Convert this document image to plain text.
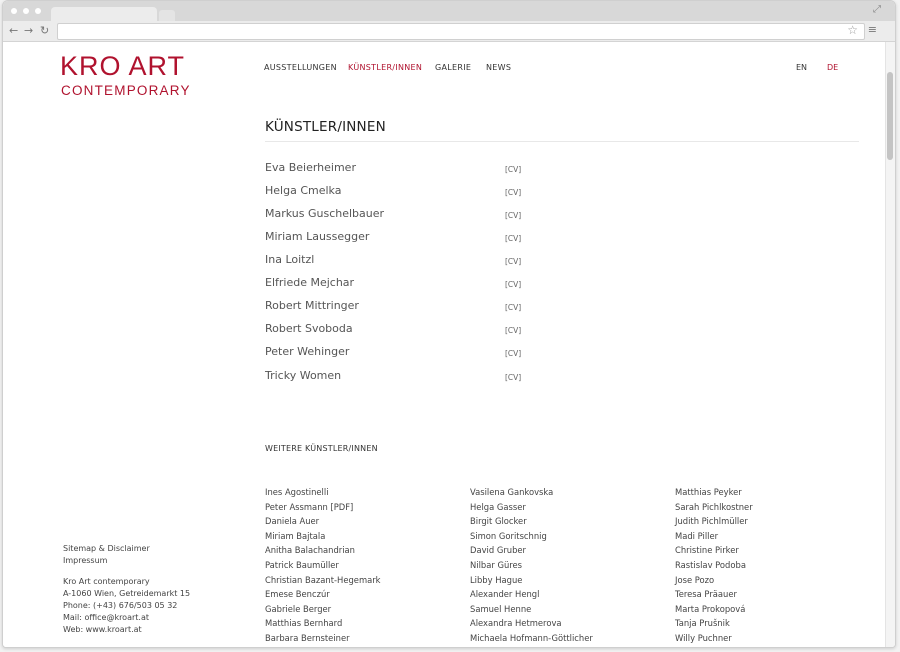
⤢
← → ↻	☆ ≡
KRO ART
CONTEMPORARY
AUSSTELLUNGEN KÜNSTLER/INNEN GALERIE NEWS	EN DE
KÜNSTLER/INNEN
Eva Beierheimer	[CV]
Helga Cmelka	[CV]
Markus Guschelbauer	[CV]
Miriam Laussegger	[CV]
Ina Loitzl	[CV]
Elfriede Mejchar	[CV]
Robert Mittringer	[CV]
Robert Svoboda	[CV]
Peter Wehinger	[CV]
Tricky Women	[CV]
WEITERE KÜNSTLER/INNEN
Ines Agostinelli
Peter Assmann [PDF]
Daniela Auer
Miriam Bajtala
Anitha Balachandrian
Patrick Baumüller
Christian Bazant-Hegemark
Emese Benczúr
Gabriele Berger
Matthias Bernhard
Barbara Bernsteiner
Vasilena Gankovska
Helga Gasser
Birgit Glocker
Simon Goritschnig
David Gruber
Nilbar Güres
Libby Hague
Alexander Hengl
Samuel Henne
Alexandra Hetmerova
Michaela Hofmann-Göttlicher
Matthias Peyker
Sarah Pichlkostner
Judith Pichlmüller
Madi Piller
Christine Pirker
Rastislav Podoba
Jose Pozo
Teresa Präauer
Marta Prokopová
Tanja Prušnik
Willy Puchner
Sitemap & Disclaimer
Impressum
Kro Art contemporary
A-1060 Wien, Getreidemarkt 15
Phone: (+43) 676/503 05 32
Mail: office@kroart.at
Web: www.kroart.at
